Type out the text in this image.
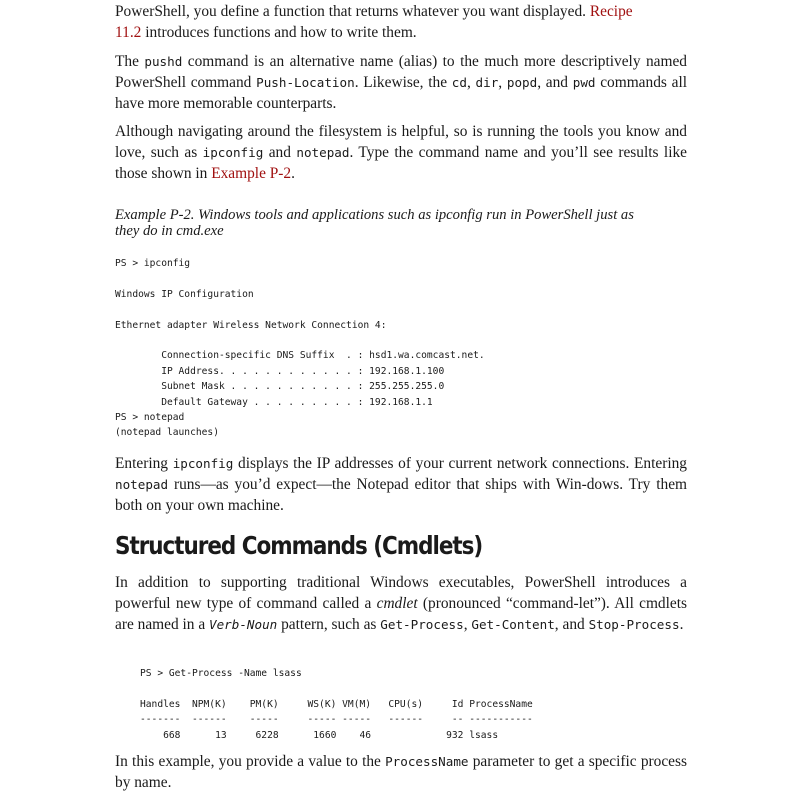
PowerShell, you define a function that returns whatever you want displayed. Recipe
11.2 introduces functions and how to write them.

The pushd command is an alternative name (alias) to the much more descriptively named PowerShell command Push-Location. Likewise, the cd, dir, popd, and pwd commands all have more memorable counterparts.

Although navigating around the filesystem is helpful, so is running the tools you know and love, such as ipconfig and notepad. Type the command name and you’ll see results like those shown in Example P-2.

Example P-2. Windows tools and applications such as ipconfig run in PowerShell just as
they do in cmd.exe

PS > ipconfig

Windows IP Configuration

Ethernet adapter Wireless Network Connection 4:

Connection-specific DNS Suffix  . : hsd1.wa.comcast.net.
IP Address. . . . . . . . . . . . : 192.168.1.100
Subnet Mask . . . . . . . . . . . : 255.255.255.0
Default Gateway . . . . . . . . . : 192.168.1.1
PS > notepad
(notepad launches)

Entering ipconfig displays the IP addresses of your current network connections. Entering notepad runs—as you’d expect—the Notepad editor that ships with Win-dows. Try them both on your own machine.

Structured Commands (Cmdlets)

In addition to supporting traditional Windows executables, PowerShell introduces a powerful new type of command called a cmdlet (pronounced “command-let”). All cmdlets are named in a Verb-Noun pattern, such as Get-Process, Get-Content, and Stop-Process.

PS > Get-Process -Name lsass

Handles  NPM(K)    PM(K)     WS(K) VM(M)   CPU(s)     Id ProcessName
-------  ------    -----     ----- -----   ------     -- -----------
668      13     6228      1660    46             932 lsass

In this example, you provide a value to the ProcessName parameter to get a specific process by name.
